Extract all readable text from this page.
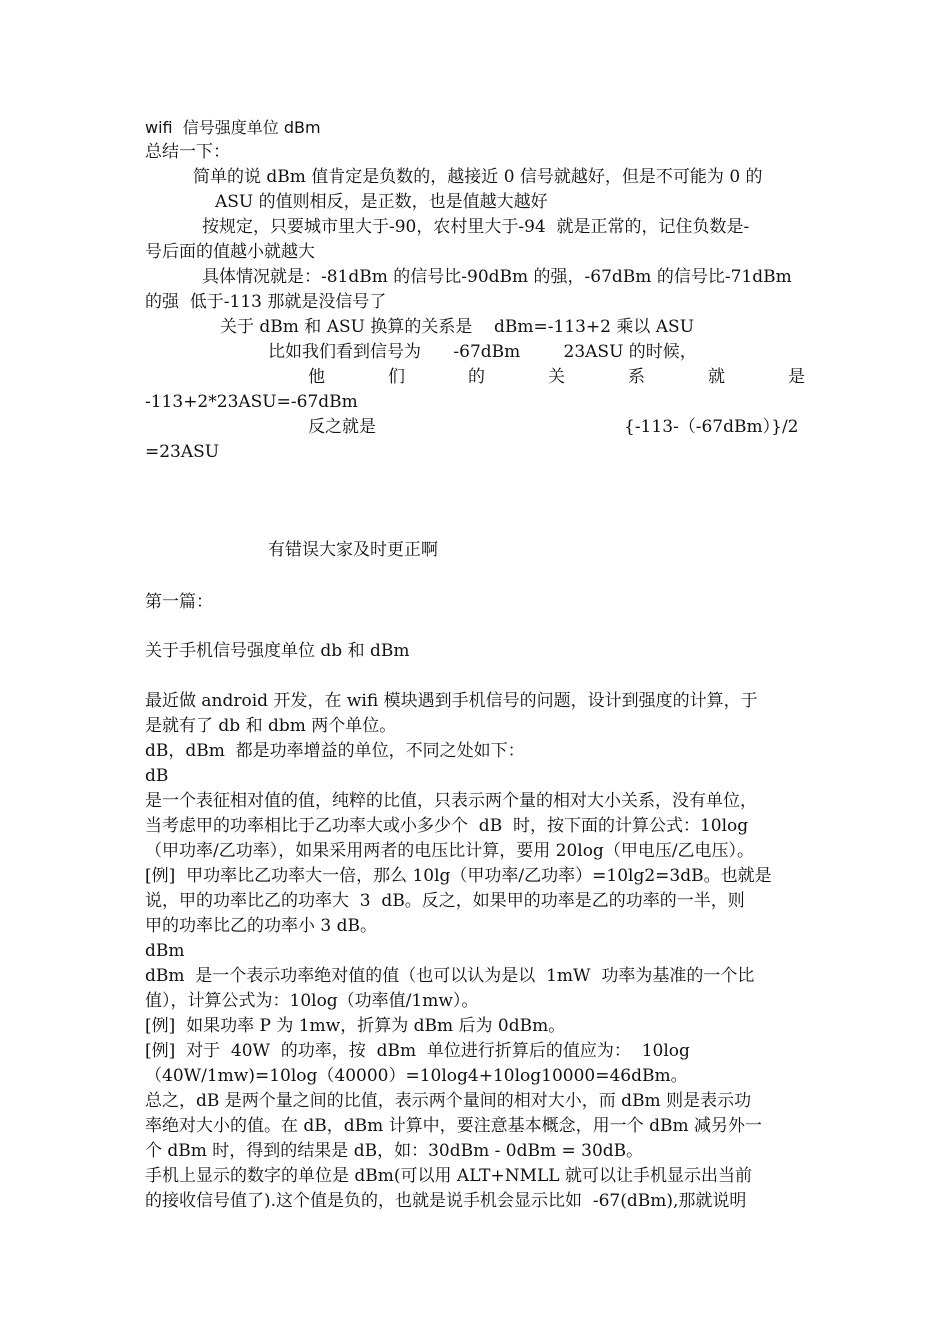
wifi  信号强度单位 dBm
总结一下：
简单的说 dBm 值肯定是负数的，越接近 0 信号就越好，但是不可能为 0 的
ASU 的值则相反，是正数，也是值越大越好
按规定，只要城市里大于-90，农村里大于-94  就是正常的，记住负数是-
号后面的值越小就越大
具体情况就是：-81dBm 的信号比-90dBm 的强，-67dBm 的信号比-71dBm
的强  低于-113 那就是没信号了
关于 dBm 和 ASU 换算的关系是    dBm=-113+2 乘以 ASU
比如我们看到信号为      -67dBm        23ASU 的时候，
他	们	的	关	系	就	是
-113+2*23ASU=-67dBm
反之就是	{-113-（-67dBm）}/2
=23ASU
有错误大家及时更正啊
第一篇：
关于手机信号强度单位 db 和 dBm
最近做 android 开发，在 wifi 模块遇到手机信号的问题，设计到强度的计算，于
是就有了 db 和 dbm 两个单位。
dB，dBm  都是功率增益的单位，不同之处如下：
dB
是一个表征相对值的值，纯粹的比值，只表示两个量的相对大小关系，没有单位，
当考虑甲的功率相比于乙功率大或小多少个  dB  时，按下面的计算公式：10log
（甲功率/乙功率），如果采用两者的电压比计算，要用 20log（甲电压/乙电压）。
[例]  甲功率比乙功率大一倍，那么 10lg（甲功率/乙功率）=10lg2=3dB。也就是
说，甲的功率比乙的功率大  3  dB。反之，如果甲的功率是乙的功率的一半，则
甲的功率比乙的功率小 3 dB。
dBm
dBm  是一个表示功率绝对值的值（也可以认为是以  1mW  功率为基准的一个比
值），计算公式为：10log（功率值/1mw）。
[例]  如果功率 P 为 1mw，折算为 dBm 后为 0dBm。
[例]  对于  40W  的功率，按  dBm  单位进行折算后的值应为：  10log
（40W/1mw)=10log（40000）=10log4+10log10000=46dBm。
总之，dB 是两个量之间的比值，表示两个量间的相对大小，而 dBm 则是表示功
率绝对大小的值。在 dB，dBm 计算中，要注意基本概念，用一个 dBm 减另外一
个 dBm 时，得到的结果是 dB，如：30dBm - 0dBm = 30dB。
手机上显示的数字的单位是 dBm(可以用 ALT+NMLL 就可以让手机显示出当前
的接收信号值了).这个值是负的，也就是说手机会显示比如  -67(dBm),那就说明
